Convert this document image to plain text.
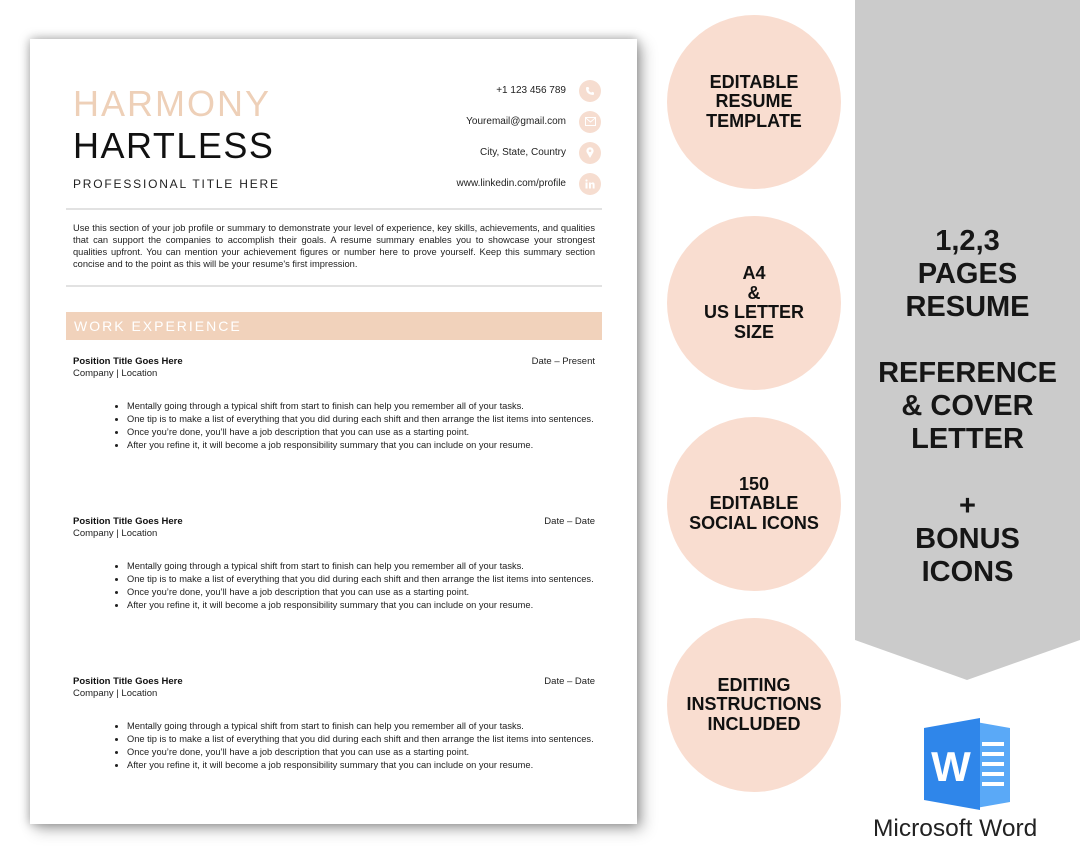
HARMONY
HARTLESS
PROFESSIONAL TITLE HERE
+1 123 456 789
Youremail@gmail.com
City, State, Country
www.linkedin.com/profile
Use this section of your job profile or summary to demonstrate your level of experience, key skills, achievements, and qualities that can support the companies to accomplish their goals. A resume summary enables you to showcase your strongest qualities upfront. You can mention your achievement figures or number here to prove yourself. Keep this summary section concise and to the point as this will be your resume's first impression.
WORK EXPERIENCE
Position Title Goes Here	Date – Present
Company | Location
• Mentally going through a typical shift from start to finish can help you remember all of your tasks.
• One tip is to make a list of everything that you did during each shift and then arrange the list items into sentences.
• Once you’re done, you’ll have a job description that you can use as a starting point.
• After you refine it, it will become a job responsibility summary that you can include on your resume.
Position Title Goes Here	Date – Date
Company | Location
• Mentally going through a typical shift from start to finish can help you remember all of your tasks.
• One tip is to make a list of everything that you did during each shift and then arrange the list items into sentences.
• Once you’re done, you’ll have a job description that you can use as a starting point.
• After you refine it, it will become a job responsibility summary that you can include on your resume.
Position Title Goes Here	Date – Date
Company | Location
• Mentally going through a typical shift from start to finish can help you remember all of your tasks.
• One tip is to make a list of everything that you did during each shift and then arrange the list items into sentences.
• Once you’re done, you’ll have a job description that you can use as a starting point.
• After you refine it, it will become a job responsibility summary that you can include on your resume.
EDITABLE
RESUME
TEMPLATE
A4
&
US LETTER
SIZE
150
EDITABLE
SOCIAL ICONS
EDITING
INSTRUCTIONS
INCLUDED
1,2,3
PAGES
RESUME
REFERENCE
& COVER
LETTER
+
BONUS
ICONS
W
Microsoft Word
